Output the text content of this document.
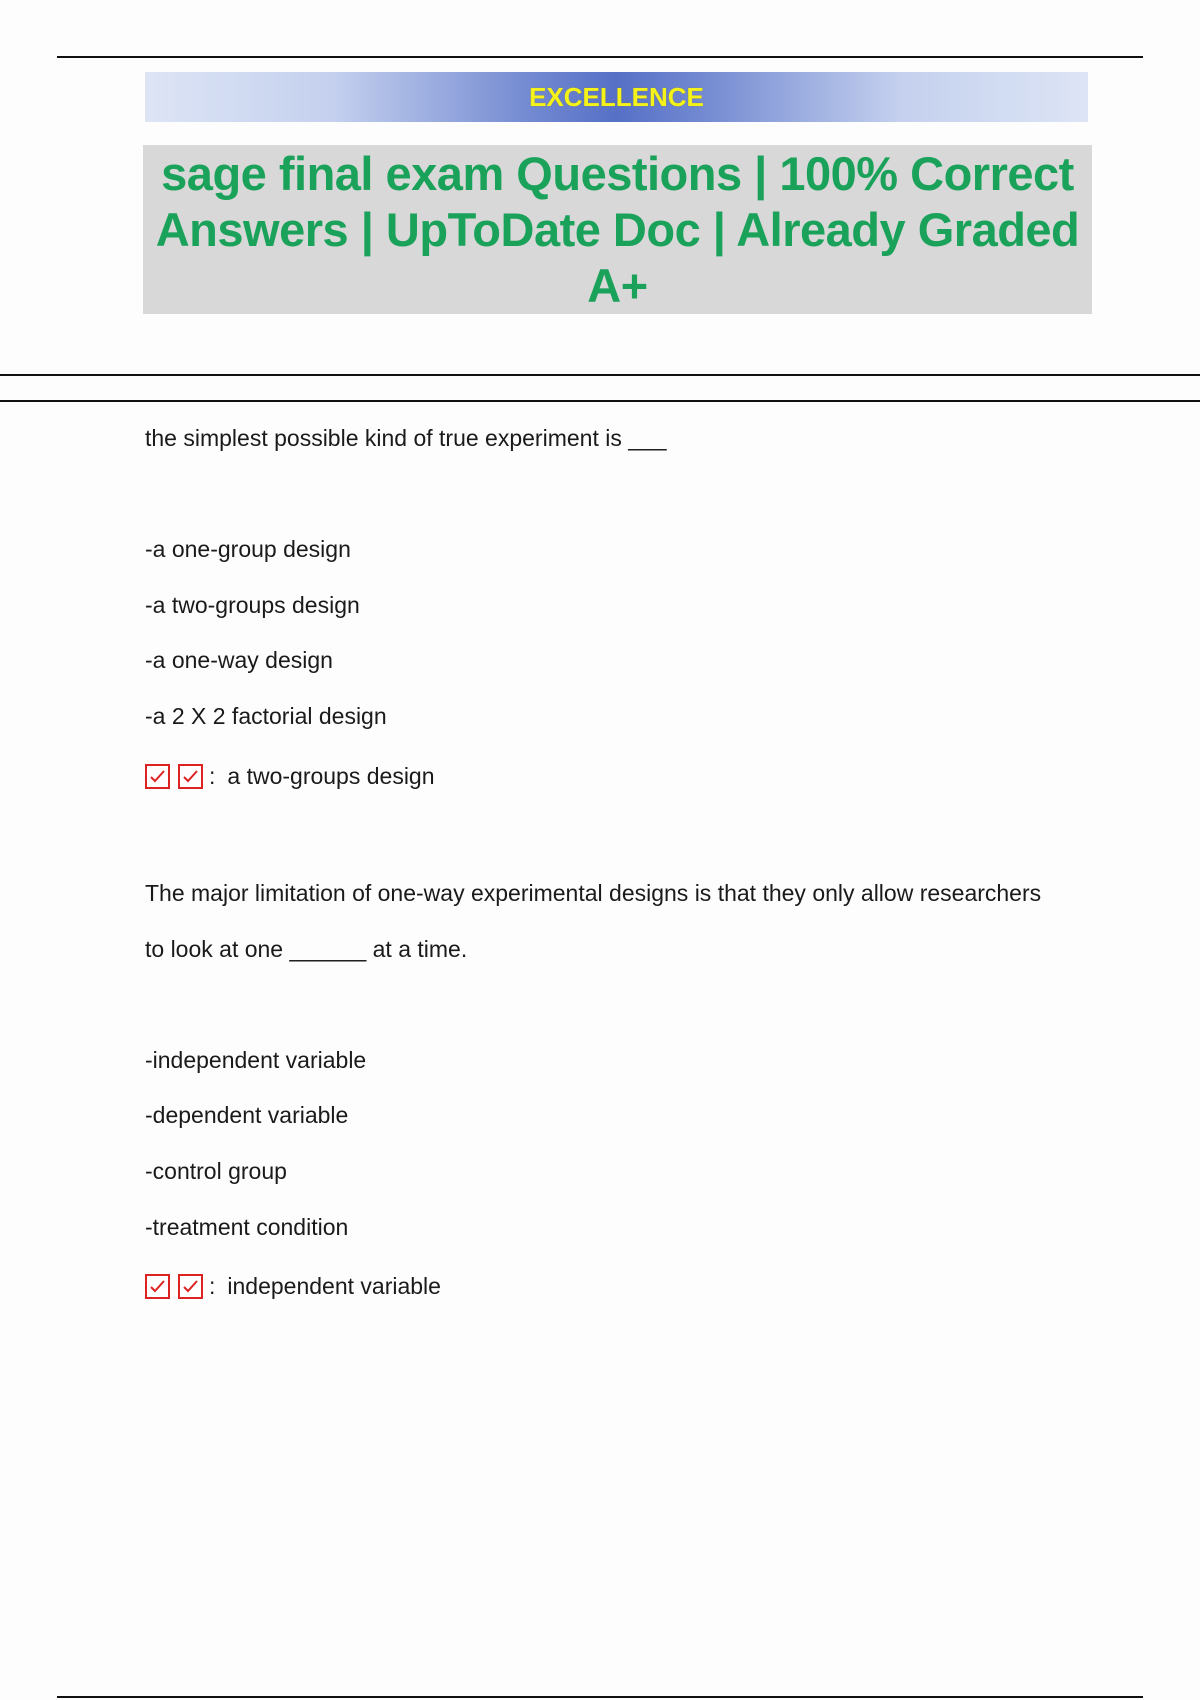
EXCELLENCE
sage final exam Questions | 100% Correct Answers | UpToDate Doc | Already Graded A+
the simplest possible kind of true experiment is ___
-a one-group design
-a two-groups design
-a one-way design
-a 2 X 2 factorial design
: a two-groups design
The major limitation of one-way experimental designs is that they only allow researchers
to look at one ______ at a time.
-independent variable
-dependent variable
-control group
-treatment condition
: independent variable
